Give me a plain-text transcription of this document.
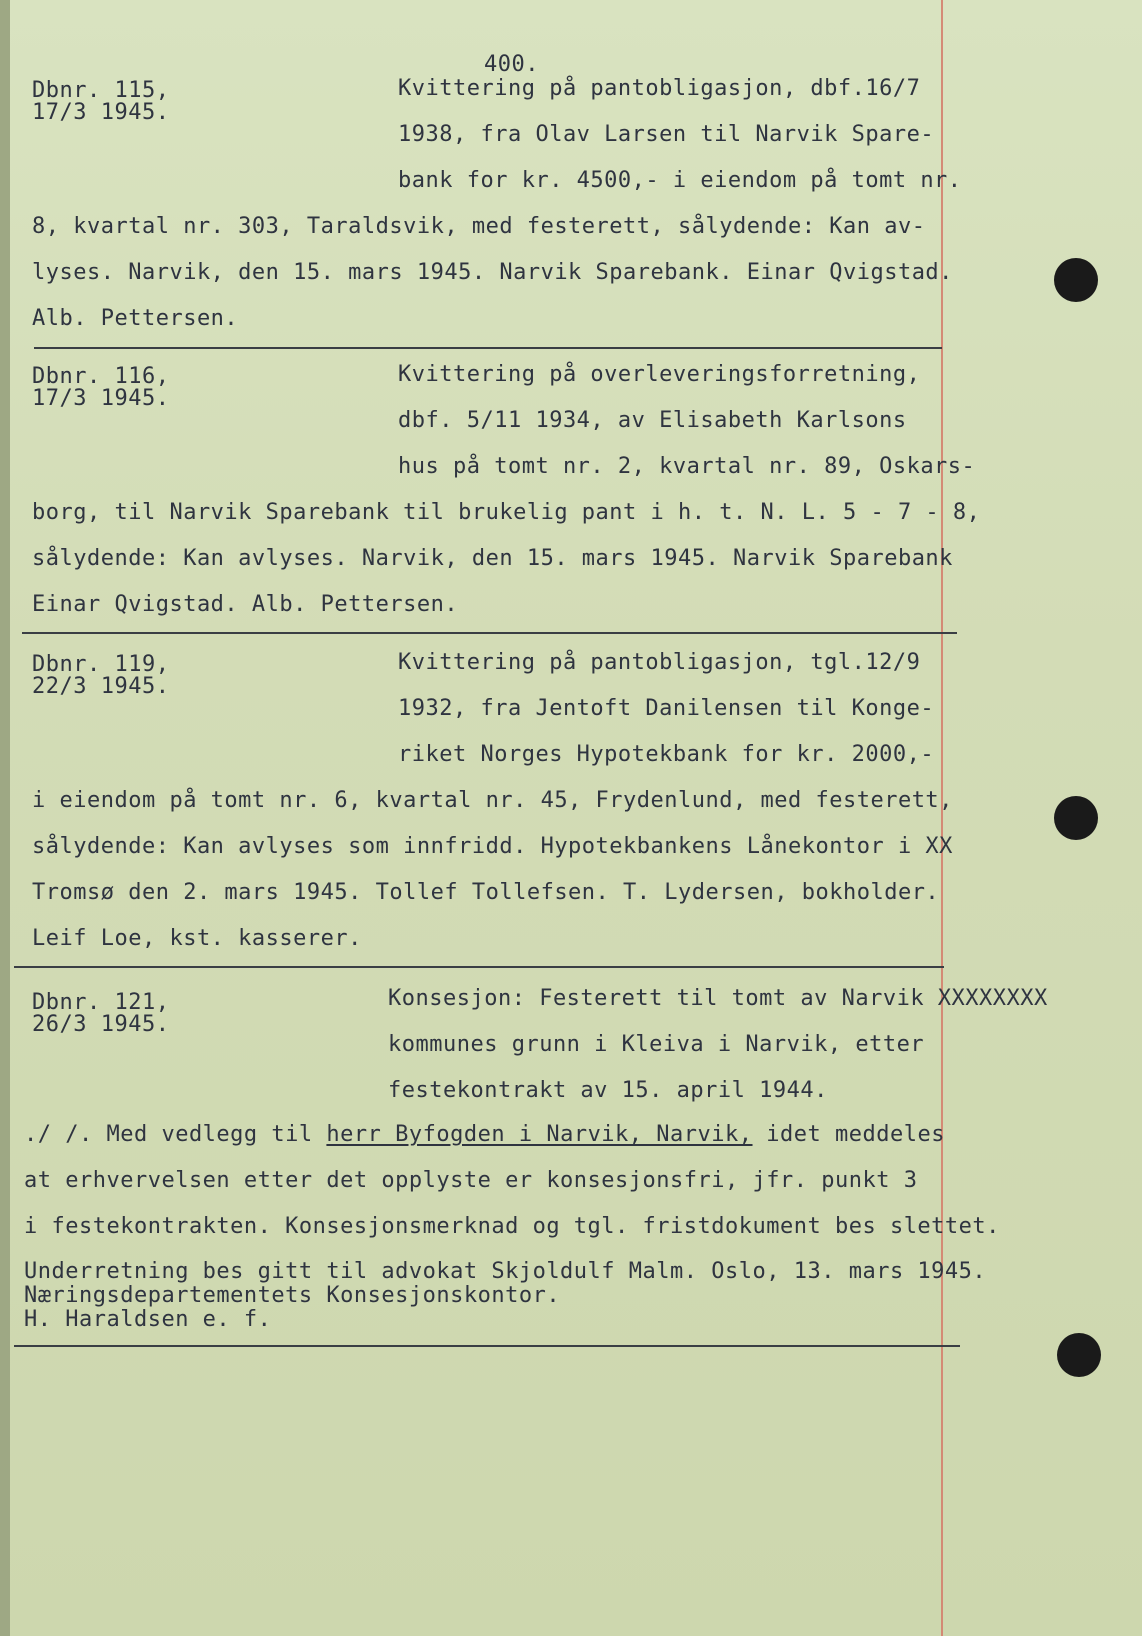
400.
Dbnr. 115,
17/3 1945.
Kvittering på pantobligasjon, dbf.16/7
1938, fra Olav Larsen til Narvik Spare-
bank for kr. 4500,- i eiendom på tomt nr.
8, kvartal nr. 303, Taraldsvik, med festerett, sålydende: Kan av-
lyses. Narvik, den 15. mars 1945. Narvik Sparebank. Einar Qvigstad.
Alb. Pettersen.
Dbnr. 116,
17/3 1945.
Kvittering på overleveringsforretning,
dbf. 5/11 1934, av Elisabeth Karlsons
hus på tomt nr. 2, kvartal nr. 89, Oskars-
borg, til Narvik Sparebank til brukelig pant i h. t. N. L. 5 - 7 - 8,
sålydende: Kan avlyses. Narvik, den 15. mars 1945. Narvik Sparebank
Einar Qvigstad. Alb. Pettersen.
Dbnr. 119,
22/3 1945.
Kvittering på pantobligasjon, tgl.12/9
1932, fra Jentoft Danilensen til Konge-
riket Norges Hypotekbank for kr. 2000,-
i eiendom på tomt nr. 6, kvartal nr. 45, Frydenlund, med festerett,
sålydende: Kan avlyses som innfridd. Hypotekbankens Lånekontor i XX
Tromsø den 2. mars 1945. Tollef Tollefsen. T. Lydersen, bokholder.
Leif Loe, kst. kasserer.
Dbnr. 121,
26/3 1945.
Konsesjon: Festerett til tomt av Narvik XXXXXXXX
kommunes grunn i Kleiva i Narvik, etter
festekontrakt av 15. april 1944.
./ /. Med vedlegg til herr Byfogden i Narvik, Narvik, idet meddeles
at erhvervelsen etter det opplyste er konsesjonsfri, jfr. punkt 3
i festekontrakten. Konsesjonsmerknad og tgl. fristdokument bes slettet.
Underretning bes gitt til advokat Skjoldulf Malm. Oslo, 13. mars 1945.
Næringsdepartementets Konsesjonskontor.
H. Haraldsen e. f.
